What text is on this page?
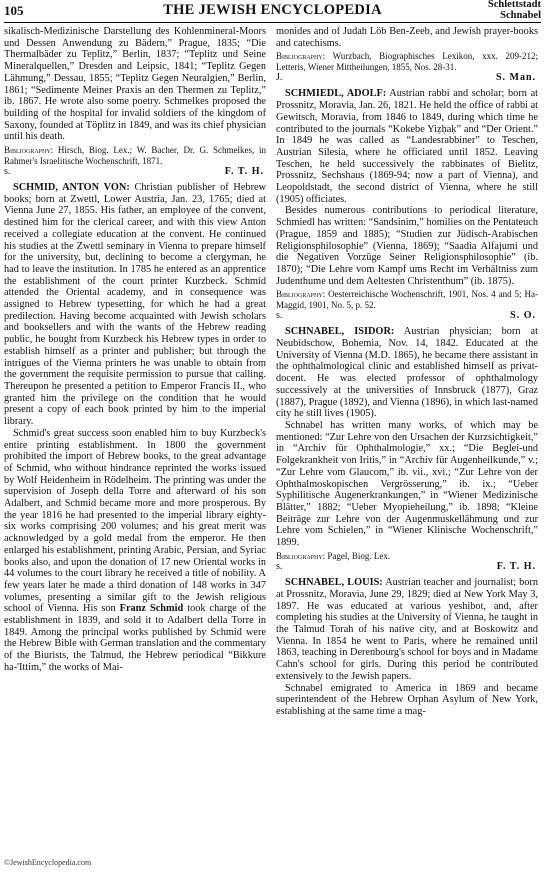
105	THE JEWISH ENCYCLOPEDIA	Schlettstadt
Schnabel

sikalisch-Medizinische Darstellung des Kohlenmineral-Moors und Dessen Anwendung zu Bädern,” Prague, 1835; “Die Thermalbäder zu Teplitz,” Berlin, 1837; “Teplitz und Seine Mineralquellen,” Dresden and Leipsic, 1841; “Teplitz Gegen Lähmung,” Dessau, 1855; “Teplitz Gegen Neuralgien,” Berlin, 1861; “Sedimente Meiner Praxis an den Thermen zu Teplitz,” ib. 1867. He wrote also some poetry. Schmelkes proposed the building of the hospital for invalid soldiers of the kingdom of Saxony, founded at Töplitz in 1849, and was its chief physician until his death.

Bibliography: Hirsch, Biog. Lex.; W. Bacher, Dr. G. Schmelkes, in Rahmer's Israelitische Wochenschrift, 1871.

s.	F. T. H.

SCHMID, ANTON VON: Christian publisher of Hebrew books; born at Zwettl, Lower Austria, Jan. 23, 1765; died at Vienna June 27, 1855. His father, an employee of the convent, destined him for the clerical career, and with this view Anton received a collegiate education at the convent. He continued his studies at the Zwettl seminary in Vienna to prepare himself for the university, but, declining to become a clergyman, he had to leave the institution. In 1785 he entered as an apprentice the establishment of the court printer Kurzbeck. Schmid attended the Oriental academy, and in consequence was assigned to Hebrew typesetting, for which he had a great predilection. Having become acquainted with Jewish scholars and booksellers and with the wants of the Hebrew reading public, he bought from Kurzbeck his Hebrew types in order to establish himself as a printer and publisher; but through the intrigues of the Vienna printers he was unable to obtain from the government the requisite permission to pursue that calling. Thereupon he presented a petition to Emperor Francis II., who granted him the privilege on the condition that he would present a copy of each book printed by him to the imperial library.

Schmid's great success soon enabled him to buy Kurzbeck's entire printing establishment. In 1800 the government prohibited the import of Hebrew books, to the great advantage of Schmid, who without hindrance reprinted the works issued by Wolf Heidenheim in Rödelheim. The printing was under the supervision of Joseph della Torre and afterward of his son Adalbert, and Schmid became more and more prosperous. By the year 1816 he had presented to the imperial library eighty-six works comprising 200 volumes; and his great merit was acknowledged by a gold medal from the emperor. He then enlarged his establishment, printing Arabic, Persian, and Syriac books also, and upon the donation of 17 new Oriental works in 44 volumes to the court library he received a title of nobility. A few years later he made a third donation of 148 works in 347 volumes, presenting a similar gift to the Jewish religious school of Vienna. His son Franz Schmid took charge of the establishment in 1839, and sold it to Adalbert della Torre in 1849. Among the principal works published by Schmid were the Hebrew Bible with German translation and the commentary of the Biurists, the Talmud, the Hebrew periodical “Bikkure ha-'Ittim,” the works of Mai-

monides and of Judah Löb Ben-Zeeb, and Jewish prayer-books and catechisms.

Bibliography: Wurzbach, Biographisches Lexikon, xxx. 209-212; Letteris, Wiener Mittheilungen, 1855, Nos. 28-31.

J.	S. Man.

SCHMIEDL, ADOLF: Austrian rabbi and scholar; born at Prossnitz, Moravia, Jan. 26, 1821. He held the office of rabbi at Gewitsch, Moravia, from 1846 to 1849, during which time he contributed to the journals “Kokebe Yiẓḥaḳ” and “Der Orient.” In 1849 he was called as “Landesrabbiner” to Teschen, Austrian Silesia, where he officiated until 1852. Leaving Teschen, he held successively the rabbinates of Bielitz, Prossnitz, Sechshaus (1869-94; now a part of Vienna), and Leopoldstadt, the second district of Vienna, where he still (1905) officiates.

Besides numerous contributions to periodical literature, Schmiedl has written: “Sandsinim,” homilies on the Pentateuch (Prague, 1859 and 1885); “Studien zur Jüdisch-Arabischen Religionsphilosophie” (Vienna, 1869); “Saadia Alfajumi und die Negativen Vorzüge Seiner Religionsphilosophie” (ib. 1870); “Die Lehre vom Kampf ums Recht im Verhältniss zum Judenthume und dem Aeltesten Christenthum” (ib. 1875).

Bibliography: Oesterreichische Wochenschrift, 1901, Nos. 4 and 5; Ha-Maggid, 1901, No. 5, p. 52.

s.	S. O.

SCHNABEL, ISIDOR: Austrian physician; born at Neubidschow, Bohemia, Nov. 14, 1842. Educated at the University of Vienna (M.D. 1865), he became there assistant in the ophthalmological clinic and established himself as privat-docent. He was elected professor of ophthalmology successively at the universities of Innsbruck (1877), Graz (1887), Prague (1892), and Vienna (1896), in which last-named city he still lives (1905).

Schnabel has written many works, of which may be mentioned: “Zur Lehre von den Ursachen der Kurzsichtigkeit,” in “Archiv für Ophthalmologie,” xx.; “Die Beglei-und Folgekrankheit von Iritis,” in “Archiv für Augenheilkunde,” v.; “Zur Lehre vom Glaucom,” ib. vii., xvi.; “Zur Lehre von der Ophthalmoskopischen Vergrösserung,” ib. ix.; “Ueber Syphilitische Augenerkrankungen,” in “Wiener Medizinische Blätter,” 1882; “Ueber Myopieheilung,” ib. 1898; “Kleine Beiträge zur Lehre von der Augenmuskellähmung und zur Lehre vom Schielen,” in “Wiener Klinische Wochenschrift,” 1899.

Bibliography: Pagel, Biog. Lex.

s.	F. T. H.

SCHNABEL, LOUIS: Austrian teacher and journalist; born at Prossnitz, Moravia, June 29, 1829; died at New York May 3, 1897. He was educated at various yeshibot, and, after completing his studies at the University of Vienna, he taught in the Talmud Torah of his native city, and at Boskowitz and Vienna. In 1854 he went to Paris, where he remained until 1863, teaching in Derenbourg's school for boys and in Madame Cahn's school for girls. During this period he contributed extensively to the Jewish papers.

Schnabel emigrated to America in 1869 and became superintendent of the Hebrew Orphan Asylum of New York, establishing at the same time a mag-

©JewishEncyclopedia.com
